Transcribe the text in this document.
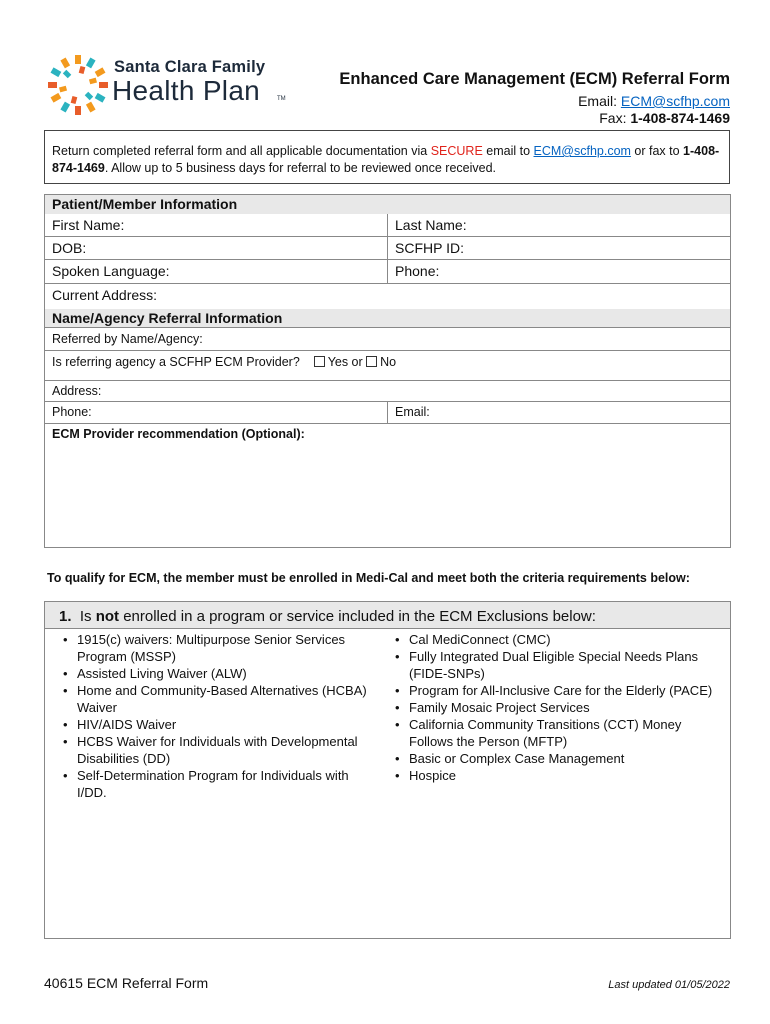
Santa Clara Family
Health Plan	TM
Enhanced Care Management (ECM) Referral Form
Email: ECM@scfhp.com
Fax: 1-408-874-1469
Return completed referral form and all applicable documentation via SECURE email to ECM@scfhp.com or fax to 1-408-874-1469. Allow up to 5 business days for referral to be reviewed once received.
Patient/Member Information
First Name:	Last Name:
DOB:	SCFHP ID:
Spoken Language:	Phone:
Current Address:
Name/Agency Referral Information
Referred by Name/Agency:
Is referring agency a SCFHP ECM Provider? Yes or No
Address:
Phone:	Email:
ECM Provider recommendation (Optional):
To qualify for ECM, the member must be enrolled in Medi-Cal and meet both the criteria requirements below:
1. Is not enrolled in a program or service included in the ECM Exclusions below:
• 1915(c) waivers: Multipurpose Senior Services Program (MSSP)
• Assisted Living Waiver (ALW)
• Home and Community-Based Alternatives (HCBA) Waiver
• HIV/AIDS Waiver
• HCBS Waiver for Individuals with Developmental Disabilities (DD)
• Self-Determination Program for Individuals with I/DD.
• Cal MediConnect (CMC)
• Fully Integrated Dual Eligible Special Needs Plans (FIDE-SNPs)
• Program for All-Inclusive Care for the Elderly (PACE)
• Family Mosaic Project Services
• California Community Transitions (CCT) Money Follows the Person (MFTP)
• Basic or Complex Case Management
• Hospice
40615 ECM Referral Form	Last updated 01/05/2022
